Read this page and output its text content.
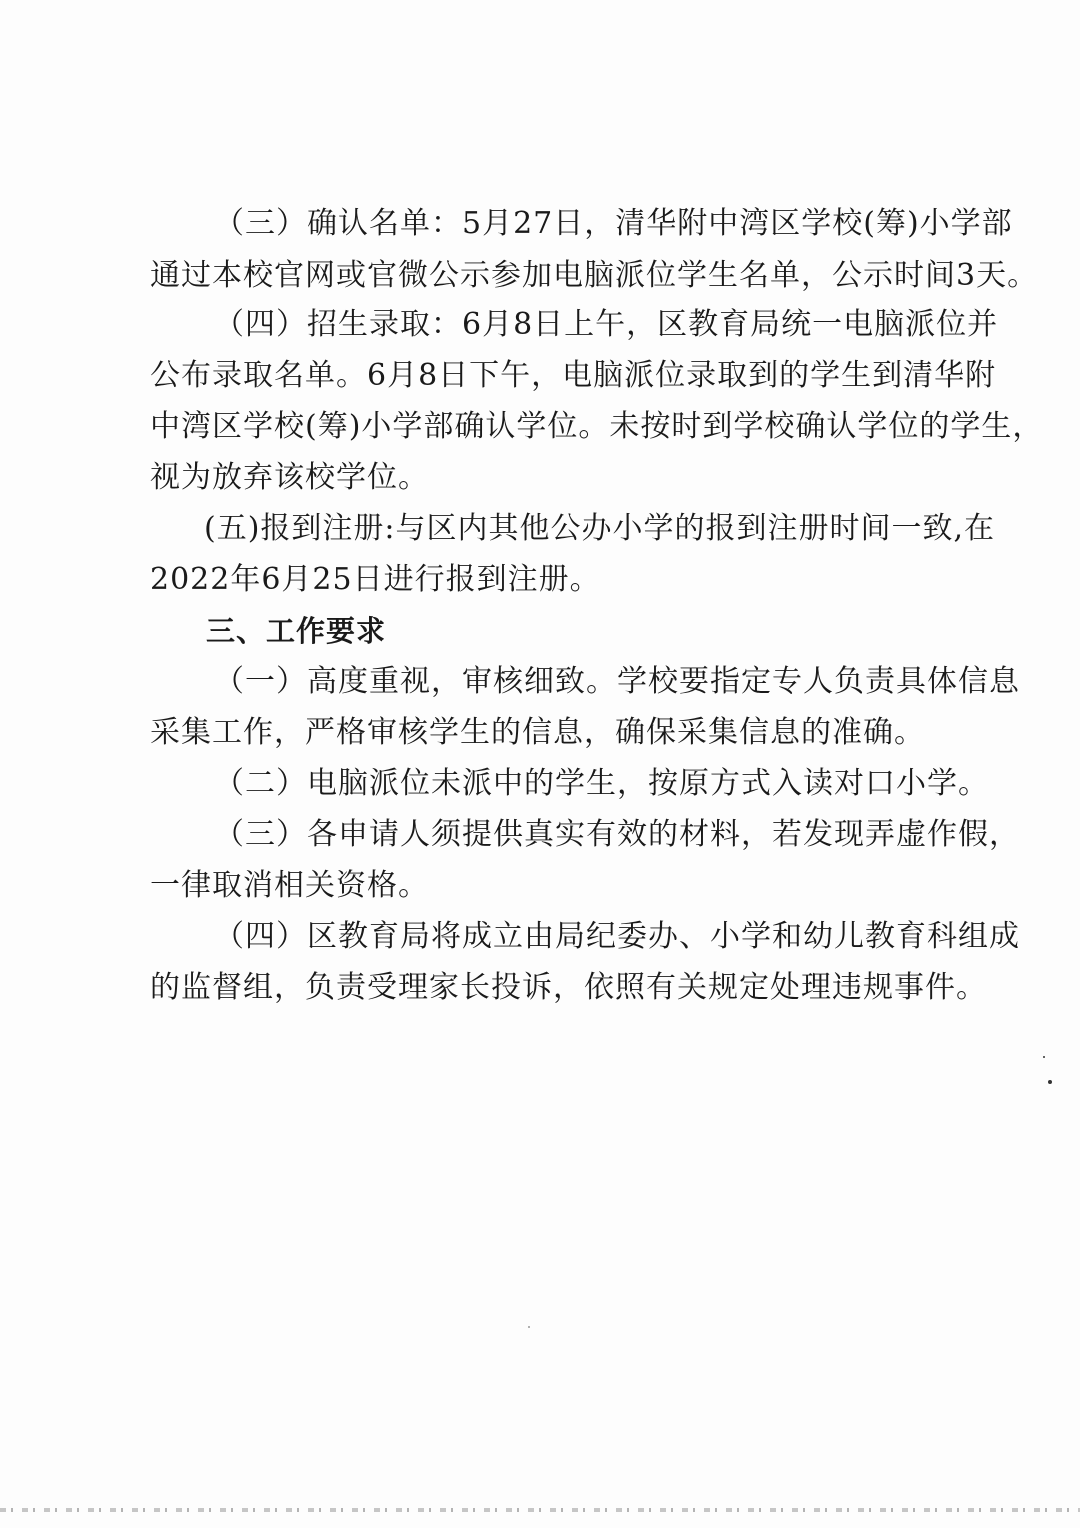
（三）确认名单：5月27日，清华附中湾区学校(筹)小学部
通过本校官网或官微公示参加电脑派位学生名单，公示时间3天。
（四）招生录取：6月8日上午，区教育局统一电脑派位并
公布录取名单。6月8日下午，电脑派位录取到的学生到清华附
中湾区学校(筹)小学部确认学位。未按时到学校确认学位的学生，
视为放弃该校学位。
(五)报到注册:与区内其他公办小学的报到注册时间一致,在
2022年6月25日进行报到注册。
三、工作要求
（一）高度重视，审核细致。学校要指定专人负责具体信息
采集工作，严格审核学生的信息，确保采集信息的准确。
（二）电脑派位未派中的学生，按原方式入读对口小学。
（三）各申请人须提供真实有效的材料，若发现弄虚作假，
一律取消相关资格。
（四）区教育局将成立由局纪委办、小学和幼儿教育科组成
的监督组，负责受理家长投诉，依照有关规定处理违规事件。
